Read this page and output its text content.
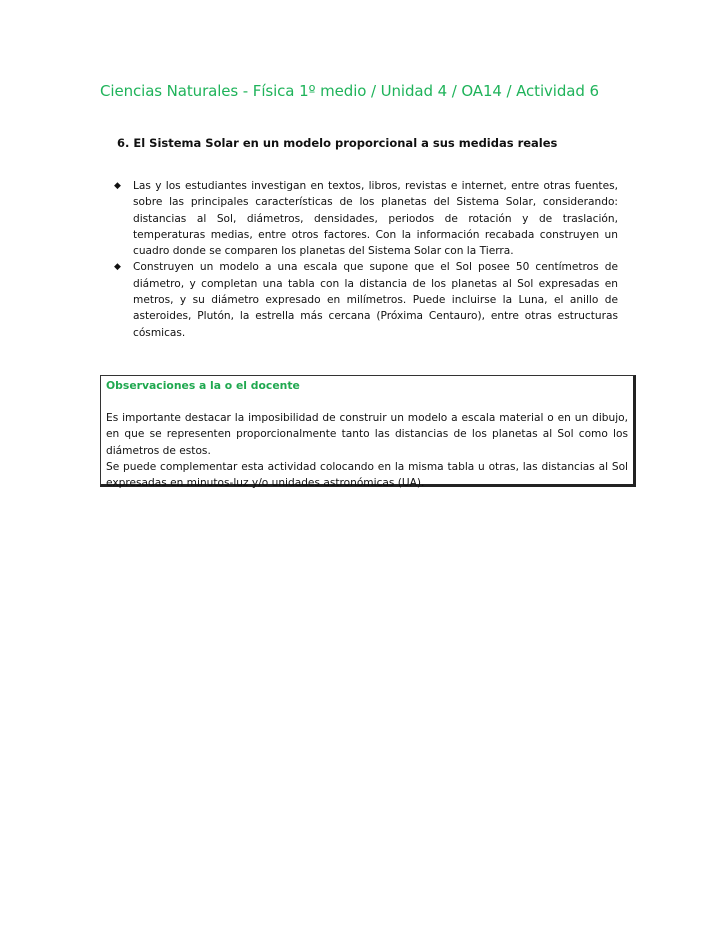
Ciencias Naturales - Física 1º medio / Unidad 4 / OA14 / Actividad 6
6. El Sistema Solar en un modelo proporcional a sus medidas reales
◆ Las y los estudiantes investigan en textos, libros, revistas e internet, entre otras fuentes, sobre las principales características de los planetas del Sistema Solar, considerando: distancias al Sol, diámetros, densidades, periodos de rotación y de traslación, temperaturas medias, entre otros factores. Con la información recabada construyen un cuadro donde se comparen los planetas del Sistema Solar con la Tierra.
◆ Construyen un modelo a una escala que supone que el Sol posee 50 centímetros de diámetro, y completan una tabla con la distancia de los planetas al Sol expresadas en metros, y su diámetro expresado en milímetros. Puede incluirse la Luna, el anillo de asteroides, Plutón, la estrella más cercana (Próxima Centauro), entre otras estructuras cósmicas.
Observaciones a la o el docente

Es importante destacar la imposibilidad de construir un modelo a escala material o en un dibujo, en que se representen proporcionalmente tanto las distancias de los planetas al Sol como los diámetros de estos.

Se puede complementar esta actividad colocando en la misma tabla u otras, las distancias al Sol expresadas en minutos-luz y/o unidades astronómicas (UA).
